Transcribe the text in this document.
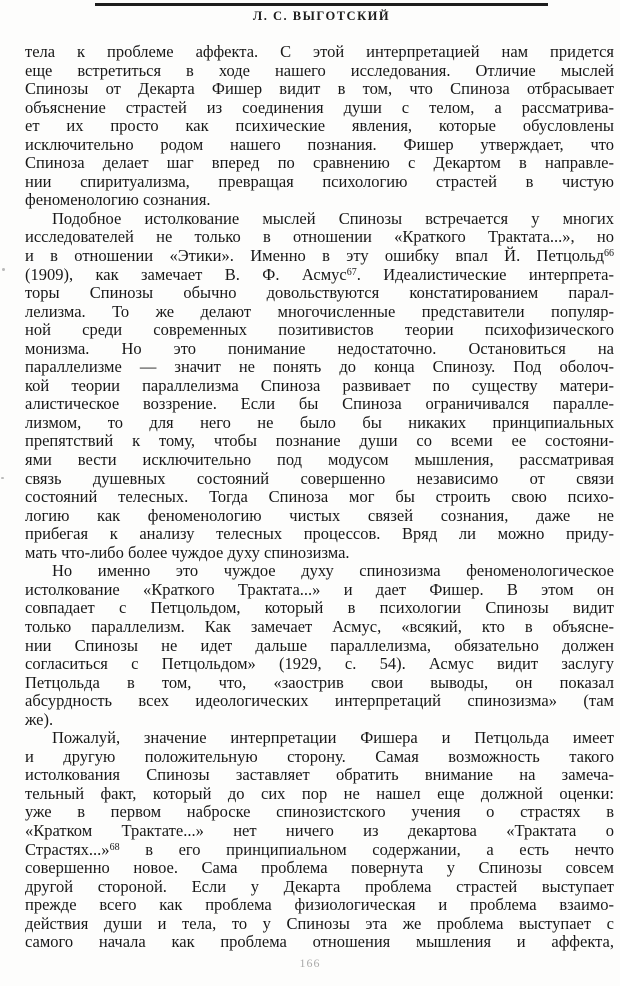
Л. С. ВЫГОТСКИЙ
тела к проблеме аффекта. С этой интерпретацией нам придется
еще встретиться в ходе нашего исследования. Отличие мыслей
Спинозы от Декарта Фишер видит в том, что Спиноза отбрасывает
объяснение страстей из соединения души с телом, а рассматрива-
ет их просто как психические явления, которые обусловлены
исключительно родом нашего познания. Фишер утверждает, что
Спиноза делает шаг вперед по сравнению с Декартом в направле-
нии спиритуализма, превращая психологию страстей в чистую
феноменологию сознания.
Подобное истолкование мыслей Спинозы встречается у многих
исследователей не только в отношении «Краткого Трактата...», но
и в отношении «Этики». Именно в эту ошибку впал Й. Петцольд$^{66}$
(1909), как замечает В. Ф. Асмус$^{67}$. Идеалистические интерпрета-
торы Спинозы обычно довольствуются констатированием парал-
лелизма. То же делают многочисленные представители популяр-
ной среди современных позитивистов теории психофизического
монизма. Но это понимание недостаточно. Остановиться на
параллелизме — значит не понять до конца Спинозу. Под оболоч-
кой теории параллелизма Спиноза развивает по существу матери-
алистическое воззрение. Если бы Спиноза ограничивался паралле-
лизмом, то для него не было бы никаких принципиальных
препятствий к тому, чтобы познание души со всеми ее состояни-
ями вести исключительно под модусом мышления, рассматривая
связь душевных состояний совершенно независимо от связи
состояний телесных. Тогда Спиноза мог бы строить свою психо-
логию как феноменологию чистых связей сознания, даже не
прибегая к анализу телесных процессов. Вряд ли можно приду-
мать что-либо более чуждое духу спинозизма.
Но именно это чуждое духу спинозизма феноменологическое
истолкование «Краткого Трактата...» и дает Фишер. В этом он
совпадает с Петцольдом, который в психологии Спинозы видит
только параллелизм. Как замечает Асмус, «всякий, кто в объясне-
нии Спинозы не идет дальше параллелизма, обязательно должен
согласиться с Петцольдом» (1929, с. 54). Асмус видит заслугу
Петцольда в том, что, «заострив свои выводы, он показал
абсурдность всех идеологических интерпретаций спинозизма» (там
же).
Пожалуй, значение интерпретации Фишера и Петцольда имеет
и другую положительную сторону. Самая возможность такого
истолкования Спинозы заставляет обратить внимание на замеча-
тельный факт, который до сих пор не нашел еще должной оценки:
уже в первом наброске спинозистского учения о страстях в
«Кратком Трактате...» нет ничего из декартова «Трактата о
Страстях...»$^{68}$ в его принципиальном содержании, а есть нечто
совершенно новое. Сама проблема повернута у Спинозы совсем
другой стороной. Если у Декарта проблема страстей выступает
прежде всего как проблема физиологическая и проблема взаимо-
действия души и тела, то у Спинозы эта же проблема выступает с
самого начала как проблема отношения мышления и аффекта,
166
